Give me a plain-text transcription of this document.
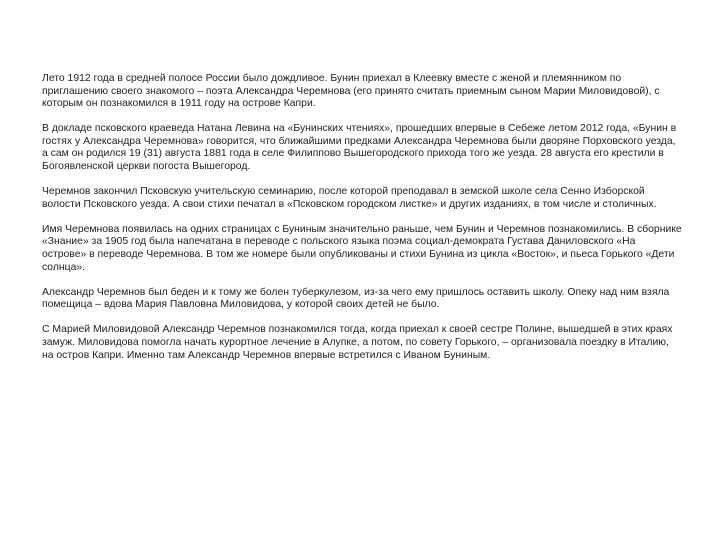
Лето 1912 года в средней полосе России было дождливое. Бунин приехал в Клеевку вместе с женой и племянником по приглашению своего знакомого – поэта Александра Черемнова (его принято считать приемным сыном Марии Миловидовой), с которым он познакомился в 1911 году на острове Капри.

В докладе псковского краеведа Натана Левина на «Бунинских чтениях», прошедших впервые в Себеже летом 2012 года, «Бунин в гостях у Александра Черемнова» говорится, что ближайшими предками Александра Черемнова были дворяне Порховского уезда, а сам он родился 19 (31) августа 1881 года в селе Филиппово Вышегородского прихода того же уезда. 28 августа его крестили в Богоявленской церкви погоста Вышегород.

Черемнов закончил Псковскую учительскую семинарию, после которой преподавал в земской школе села Сенно Изборской волости Псковского уезда. А свои стихи печатал в «Псковском городском листке» и других изданиях, в том числе и столичных.

Имя Черемнова появилась на одних страницах с Буниным значительно раньше, чем Бунин и Черемнов познакомились. В сборнике «Знание» за 1905 год была напечатана в переводе с польского языка поэма социал-демократа Густава Даниловского «На острове» в переводе Черемнова. В том же номере были опубликованы и стихи Бунина из цикла «Восток», и пьеса Горького «Дети солнца».

Александр Черемнов был беден и к тому же болен туберкулезом, из-за чего ему пришлось оставить школу. Опеку над ним взяла помещица – вдова Мария Павловна Миловидова, у которой своих детей не было.

С Марией Миловидовой Александр Черемнов познакомился тогда, когда приехал к своей сестре Полине, вышедшей в этих краях замуж. Миловидова помогла начать курортное лечение в Алупке, а потом, по совету Горького, – организовала поездку в Италию, на остров Капри. Именно там Александр Черемнов впервые встретился с Иваном Буниным.
